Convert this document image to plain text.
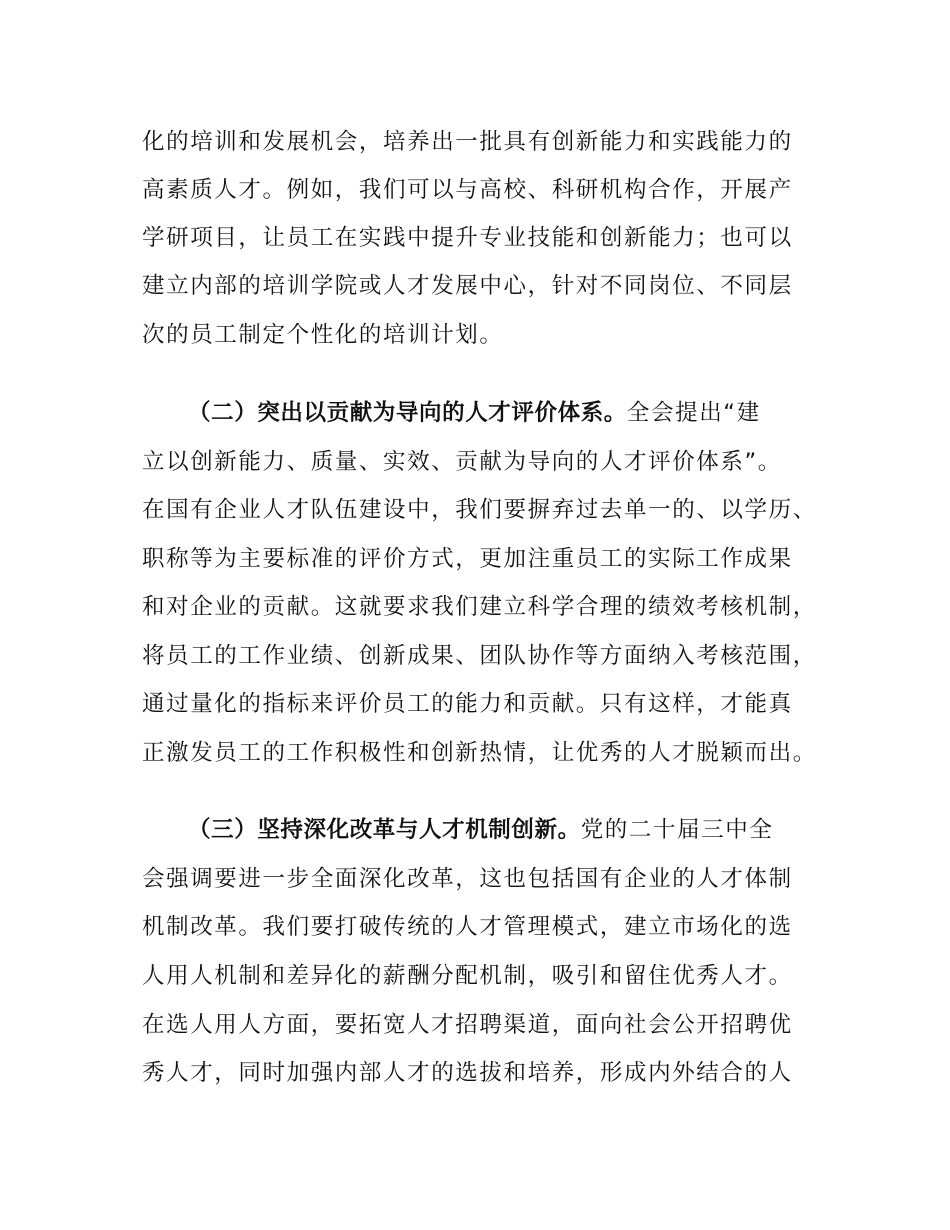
化的培训和发展机会，培养出一批具有创新能力和实践能力的
高素质人才。例如，我们可以与高校、科研机构合作，开展产
学研项目，让员工在实践中提升专业技能和创新能力；也可以
建立内部的培训学院或人才发展中心，针对不同岗位、不同层
次的员工制定个性化的培训计划。
（二）突出以贡献为导向的人才评价体系。全会提出“建
立以创新能力、质量、实效、贡献为导向的人才评价体系”。
在国有企业人才队伍建设中，我们要摒弃过去单一的、以学历、
职称等为主要标准的评价方式，更加注重员工的实际工作成果
和对企业的贡献。这就要求我们建立科学合理的绩效考核机制，
将员工的工作业绩、创新成果、团队协作等方面纳入考核范围，
通过量化的指标来评价员工的能力和贡献。只有这样，才能真
正激发员工的工作积极性和创新热情，让优秀的人才脱颖而出。
（三）坚持深化改革与人才机制创新。党的二十届三中全
会强调要进一步全面深化改革，这也包括国有企业的人才体制
机制改革。我们要打破传统的人才管理模式，建立市场化的选
人用人机制和差异化的薪酬分配机制，吸引和留住优秀人才。
在选人用人方面，要拓宽人才招聘渠道，面向社会公开招聘优
秀人才，同时加强内部人才的选拔和培养，形成内外结合的人
